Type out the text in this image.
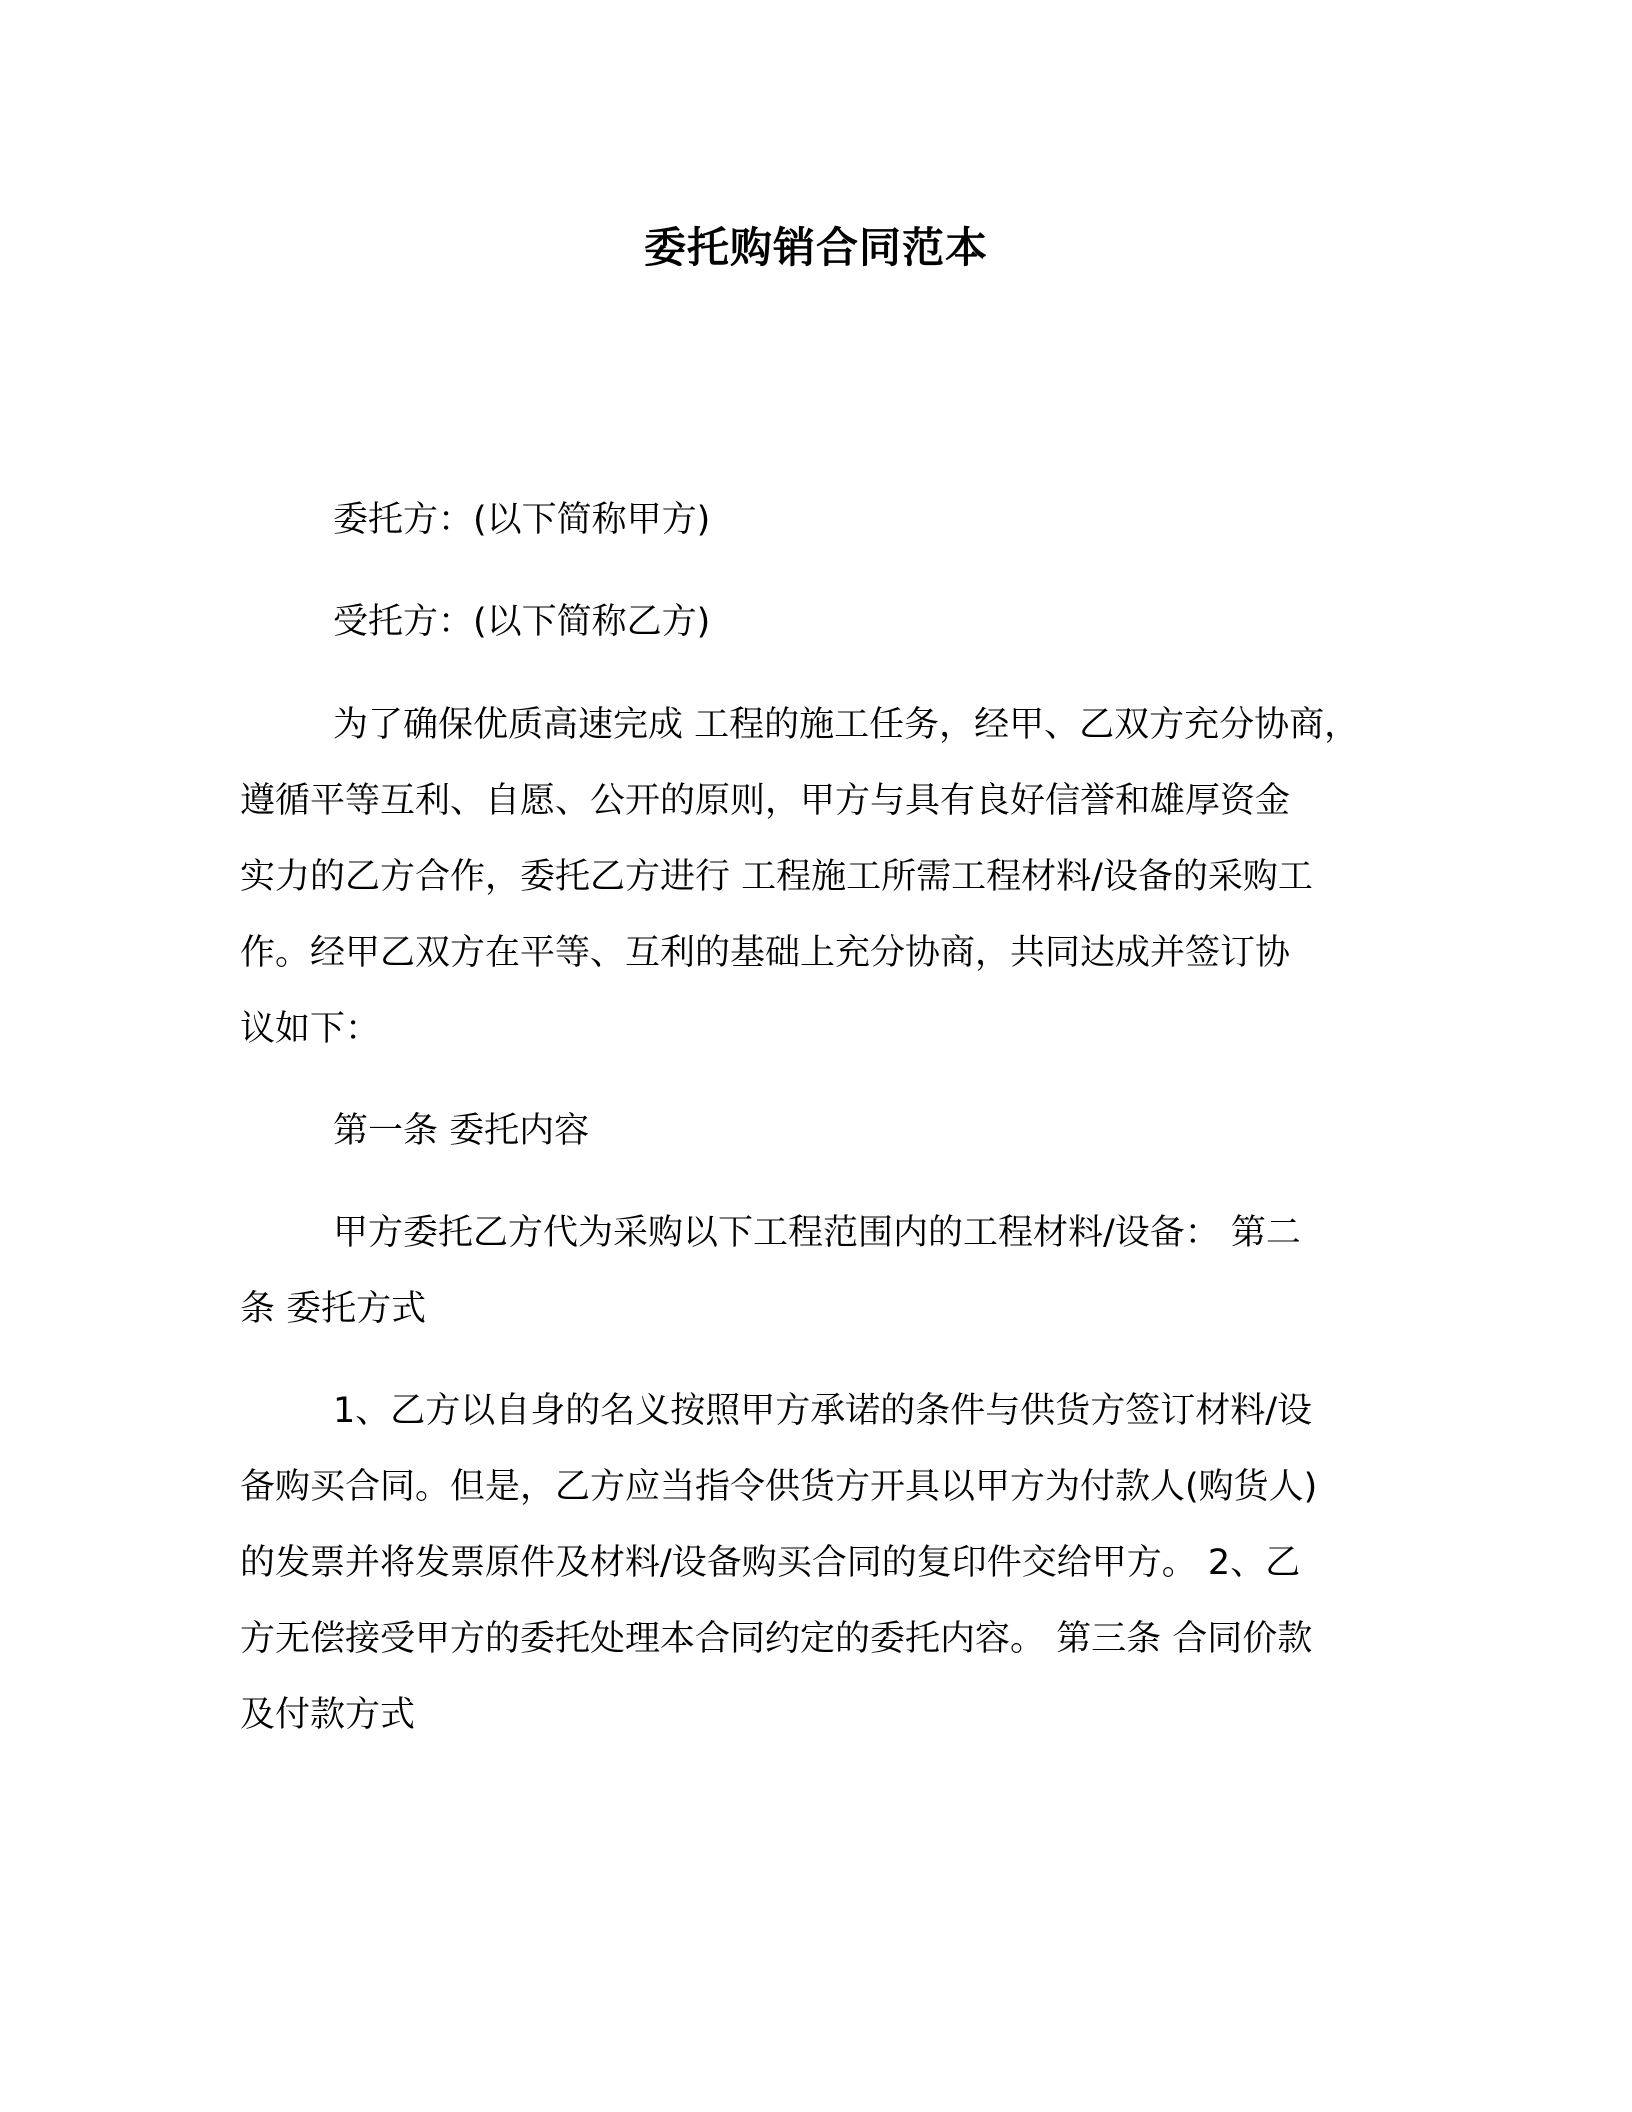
委托购销合同范本
委托方：(以下简称甲方)
受托方：(以下简称乙方)
为了确保优质高速完成 工程的施工任务，经甲、乙双方充分协商，
遵循平等互利、自愿、公开的原则，甲方与具有良好信誉和雄厚资金
实力的乙方合作，委托乙方进行 工程施工所需工程材料/设备的采购工
作。经甲乙双方在平等、互利的基础上充分协商，共同达成并签订协
议如下：
第一条 委托内容
甲方委托乙方代为采购以下工程范围内的工程材料/设备： 第二
条 委托方式
1、乙方以自身的名义按照甲方承诺的条件与供货方签订材料/设
备购买合同。但是，乙方应当指令供货方开具以甲方为付款人(购货人)
的发票并将发票原件及材料/设备购买合同的复印件交给甲方。 2、乙
方无偿接受甲方的委托处理本合同约定的委托内容。 第三条 合同价款
及付款方式
